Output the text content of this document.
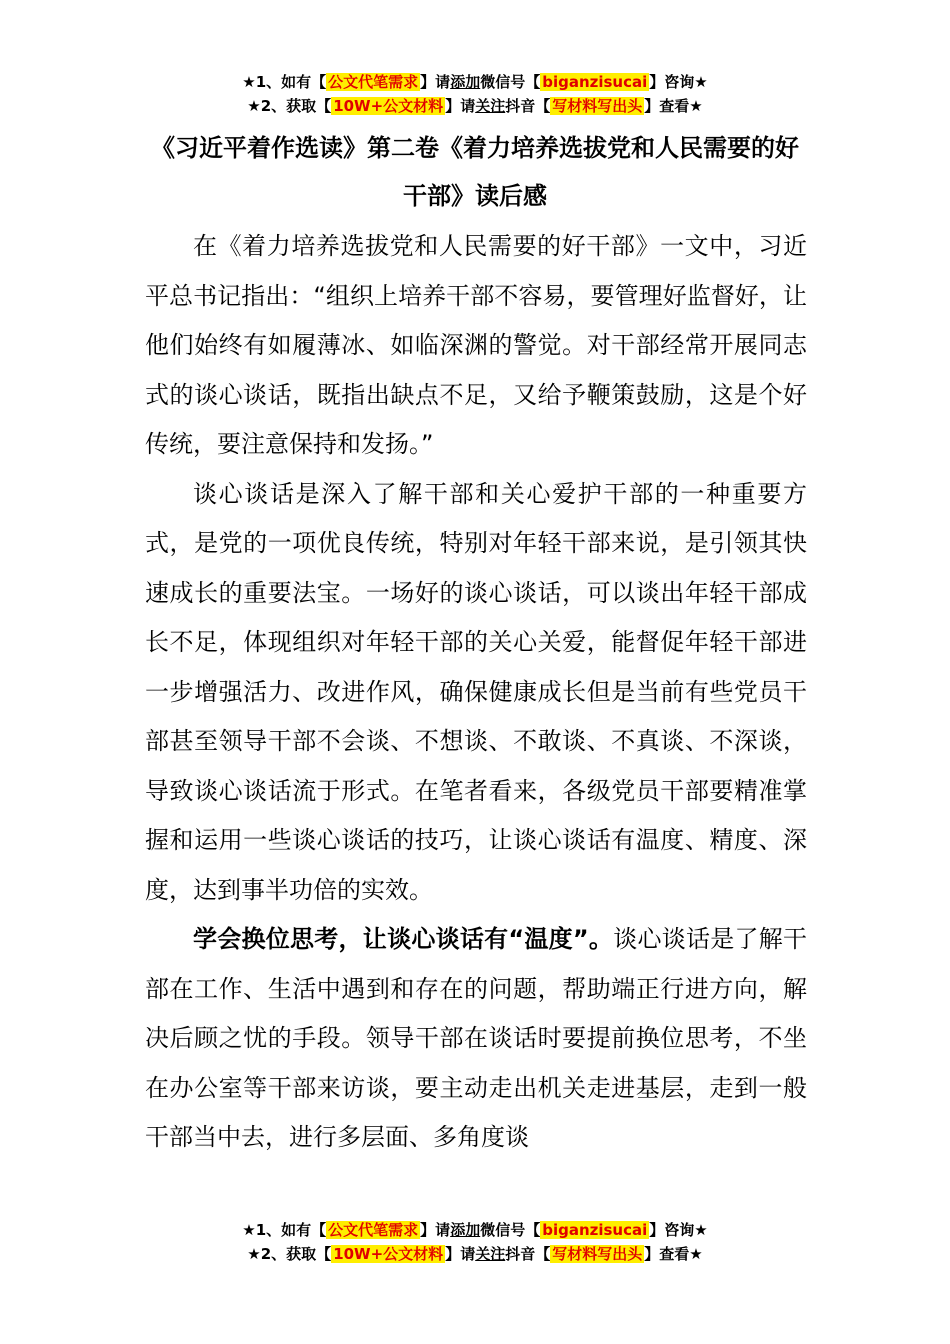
★1、如有【 公文代笔需求 】请添加微信号【 biganzisucai 】咨询★
★2、获取【 10W+公文材料 】请关注抖音【 写材料写出头 】查看★
《习近平着作选读》第二卷《着力培养选拔党和人民需要的好干部》读后感

在《着力培养选拔党和人民需要的好干部》一文中，习近平总书记指出：“组织上培养干部不容易，要管理好监督好，让他们始终有如履薄冰、如临深渊的警觉。对干部经常开展同志式的谈心谈话，既指出缺点不足，又给予鞭策鼓励，这是个好传统，要注意保持和发扬。”

谈心谈话是深入了解干部和关心爱护干部的一种重要方式，是党的一项优良传统，特别对年轻干部来说，是引领其快速成长的重要法宝。一场好的谈心谈话，可以谈出年轻干部成长不足，体现组织对年轻干部的关心关爱，能督促年轻干部进一步增强活力、改进作风，确保健康成长但是当前有些党员干部甚至领导干部不会谈、不想谈、不敢谈、不真谈、不深谈，导致谈心谈话流于形式。在笔者看来，各级党员干部要精准掌握和运用一些谈心谈话的技巧，让谈心谈话有温度、精度、深度，达到事半功倍的实效。

学会换位思考，让谈心谈话有“温度”。谈心谈话是了解干部在工作、生活中遇到和存在的问题，帮助端正行进方向，解决后顾之忧的手段。领导干部在谈话时要提前换位思考，不坐在办公室等干部来访谈，要主动走出机关走进基层，走到一般干部当中去，进行多层面、多角度谈

★1、如有【 公文代笔需求 】请添加微信号【 biganzisucai 】咨询★
★2、获取【 10W+公文材料 】请关注抖音【 写材料写出头 】查看★
